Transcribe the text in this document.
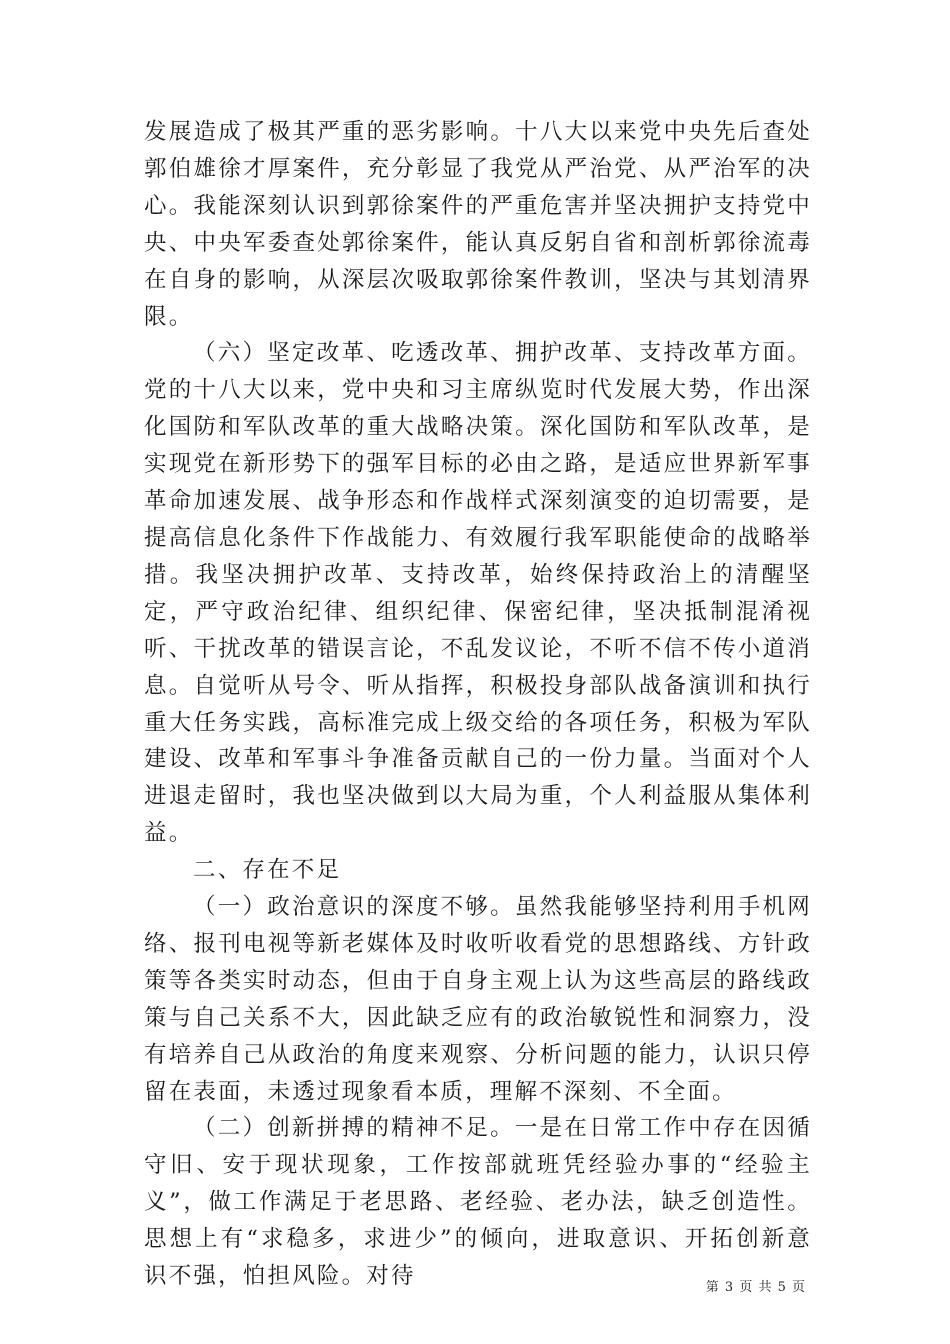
发展造成了极其严重的恶劣影响。十八大以来党中央先后查处郭伯雄徐才厚案件，充分彰显了我党从严治党、从严治军的决心。我能深刻认识到郭徐案件的严重危害并坚决拥护支持党中央、中央军委查处郭徐案件，能认真反躬自省和剖析郭徐流毒在自身的影响，从深层次吸取郭徐案件教训，坚决与其划清界限。

（六）坚定改革、吃透改革、拥护改革、支持改革方面。党的十八大以来，党中央和习主席纵览时代发展大势，作出深化国防和军队改革的重大战略决策。深化国防和军队改革，是实现党在新形势下的强军目标的必由之路，是适应世界新军事革命加速发展、战争形态和作战样式深刻演变的迫切需要，是提高信息化条件下作战能力、有效履行我军职能使命的战略举措。我坚决拥护改革、支持改革，始终保持政治上的清醒坚定，严守政治纪律、组织纪律、保密纪律，坚决抵制混淆视听、干扰改革的错误言论，不乱发议论，不听不信不传小道消息。自觉听从号令、听从指挥，积极投身部队战备演训和执行重大任务实践，高标准完成上级交给的各项任务，积极为军队建设、改革和军事斗争准备贡献自己的一份力量。当面对个人进退走留时，我也坚决做到以大局为重，个人利益服从集体利益。

二、存在不足

（一）政治意识的深度不够。虽然我能够坚持利用手机网络、报刊电视等新老媒体及时收听收看党的思想路线、方针政策等各类实时动态，但由于自身主观上认为这些高层的路线政策与自己关系不大，因此缺乏应有的政治敏锐性和洞察力，没有培养自己从政治的角度来观察、分析问题的能力，认识只停留在表面，未透过现象看本质，理解不深刻、不全面。

（二）创新拼搏的精神不足。一是在日常工作中存在因循守旧、安于现状现象，工作按部就班凭经验办事的“经验主义”，做工作满足于老思路、老经验、老办法，缺乏创造性。思想上有“求稳多，求进少”的倾向，进取意识、开拓创新意识不强，怕担风险。对待	第 3 页 共 5 页
